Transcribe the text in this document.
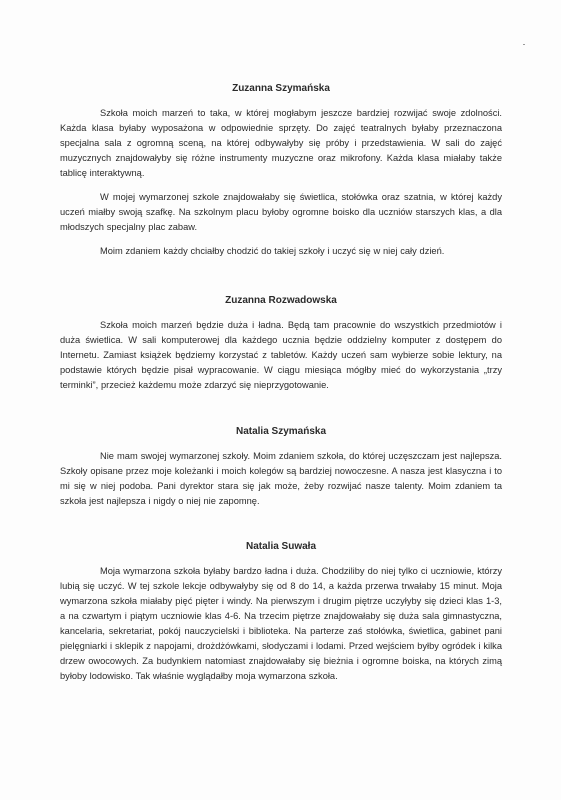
Zuzanna Szymańska

Szkoła moich marzeń to taka, w której mogłabym jeszcze bardziej rozwijać swoje zdolności. Każda klasa byłaby wyposażona w odpowiednie sprzęty. Do zajęć teatralnych byłaby przeznaczona specjalna sala z ogromną sceną, na której odbywałyby się próby i przedstawienia. W sali do zajęć muzycznych znajdowałyby się różne instrumenty muzyczne oraz mikrofony. Każda klasa miałaby także tablicę interaktywną.

W mojej wymarzonej szkole znajdowałaby się świetlica, stołówka oraz szatnia, w której każdy uczeń miałby swoją szafkę. Na szkolnym placu byłoby ogromne boisko dla uczniów starszych klas, a dla młodszych specjalny plac zabaw.

Moim zdaniem każdy chciałby chodzić do takiej szkoły i uczyć się w niej cały dzień.

Zuzanna Rozwadowska

Szkoła moich marzeń będzie duża i ładna. Będą tam pracownie do wszystkich przedmiotów i duża świetlica. W sali komputerowej dla każdego ucznia będzie oddzielny komputer z dostępem do Internetu. Zamiast książek będziemy korzystać z tabletów. Każdy uczeń sam wybierze sobie lektury, na podstawie których będzie pisał wypracowanie. W ciągu miesiąca mógłby mieć do wykorzystania „trzy terminki”, przecież każdemu może zdarzyć się nieprzygotowanie.

Natalia Szymańska

Nie mam swojej wymarzonej szkoły. Moim zdaniem szkoła, do której uczęszczam jest najlepsza. Szkoły opisane przez moje koleżanki i moich kolegów są bardziej nowoczesne. A nasza jest klasyczna i to mi się w niej podoba. Pani dyrektor stara się jak może, żeby rozwijać nasze talenty. Moim zdaniem ta szkoła jest najlepsza i nigdy o niej nie zapomnę.

Natalia Suwała

Moja wymarzona szkoła byłaby bardzo ładna i duża. Chodziliby do niej tylko ci uczniowie, którzy lubią się uczyć. W tej szkole lekcje odbywałyby się od 8 do 14, a każda przerwa trwałaby 15 minut. Moja wymarzona szkoła miałaby pięć pięter i windy. Na pierwszym i drugim piętrze uczyłyby się dzieci klas 1-3, a na czwartym i piątym uczniowie klas 4-6. Na trzecim piętrze znajdowałaby się duża sala gimnastyczna, kancelaria, sekretariat, pokój nauczycielski i biblioteka. Na parterze zaś stołówka, świetlica, gabinet pani pielęgniarki i sklepik z napojami, drożdżówkami, słodyczami i lodami. Przed wejściem byłby ogródek i kilka drzew owocowych. Za budynkiem natomiast znajdowałaby się bieżnia i ogromne boiska, na których zimą byłoby lodowisko. Tak właśnie wyglądałby moja wymarzona szkoła.
